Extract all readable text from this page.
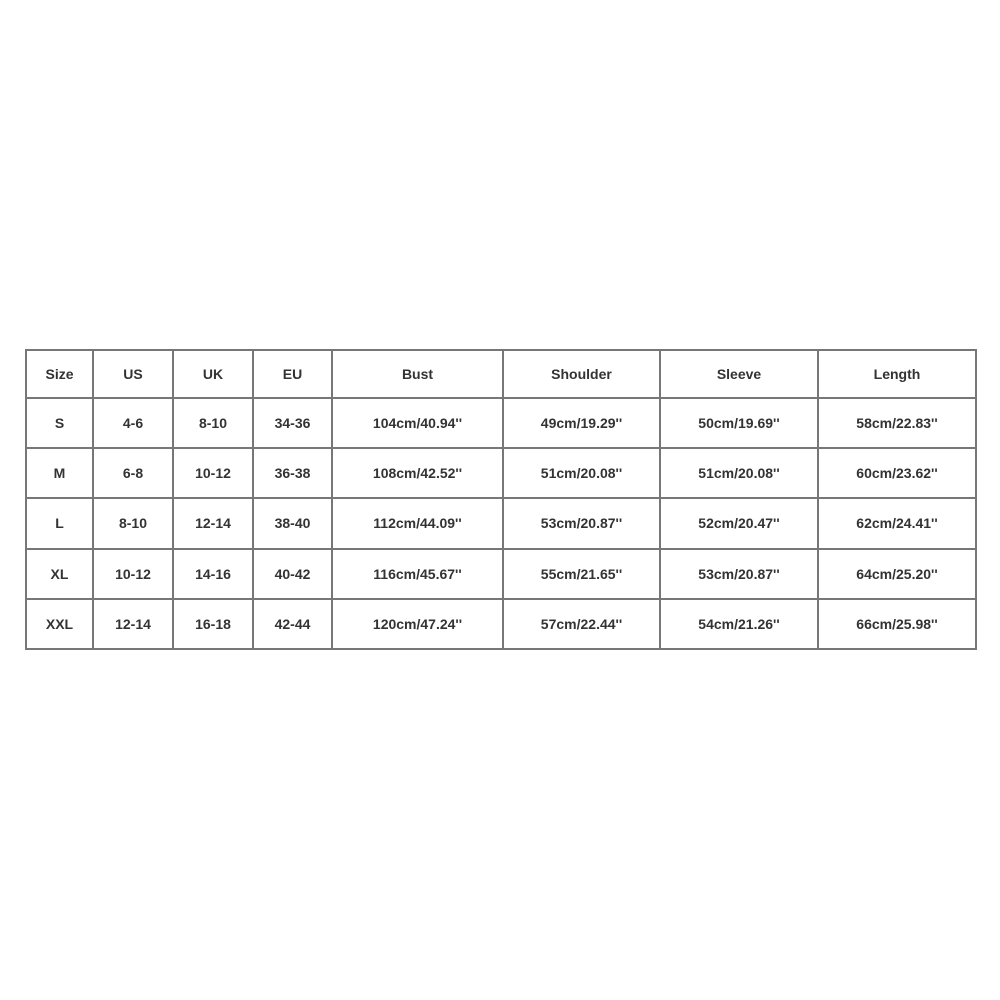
Size	US	UK	EU	Bust	Shoulder	Sleeve	Length
S	4-6	8-10	34-36	104cm/40.94''	49cm/19.29''	50cm/19.69''	58cm/22.83''
M	6-8	10-12	36-38	108cm/42.52''	51cm/20.08''	51cm/20.08''	60cm/23.62''
L	8-10	12-14	38-40	112cm/44.09''	53cm/20.87''	52cm/20.47''	62cm/24.41''
XL	10-12	14-16	40-42	116cm/45.67''	55cm/21.65''	53cm/20.87''	64cm/25.20''
XXL	12-14	16-18	42-44	120cm/47.24''	57cm/22.44''	54cm/21.26''	66cm/25.98''
